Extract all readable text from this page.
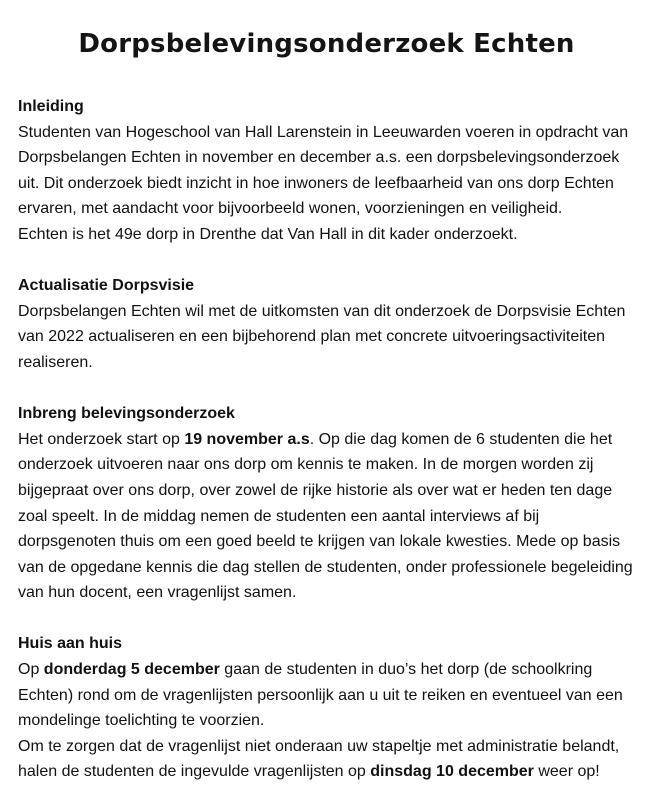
Dorpsbelevingsonderzoek Echten
Inleiding
Studenten van Hogeschool van Hall Larenstein in Leeuwarden voeren in opdracht van Dorpsbelangen Echten in november en december a.s. een dorpsbelevingsonderzoek uit. Dit onderzoek biedt inzicht in hoe inwoners de leefbaarheid van ons dorp Echten ervaren, met aandacht voor bijvoorbeeld wonen, voorzieningen en veiligheid.
Echten is het 49e dorp in Drenthe dat Van Hall in dit kader onderzoekt.
Actualisatie Dorpsvisie
Dorpsbelangen Echten wil met de uitkomsten van dit onderzoek de Dorpsvisie Echten van 2022 actualiseren en een bijbehorend plan met concrete uitvoeringsactiviteiten realiseren.
Inbreng belevingsonderzoek
Het onderzoek start op 19 november a.s. Op die dag komen de 6 studenten die het onderzoek uitvoeren naar ons dorp om kennis te maken. In de morgen worden zij bijgepraat over ons dorp, over zowel de rijke historie als over wat er heden ten dage zoal speelt. In de middag nemen de studenten een aantal interviews af bij dorpsgenoten thuis om een goed beeld te krijgen van lokale kwesties. Mede op basis van de opgedane kennis die dag stellen de studenten, onder professionele begeleiding van hun docent, een vragenlijst samen.
Huis aan huis
Op donderdag 5 december gaan de studenten in duo’s het dorp (de schoolkring Echten) rond om de vragenlijsten persoonlijk aan u uit te reiken en eventueel van een mondelinge toelichting te voorzien.
Om te zorgen dat de vragenlijst niet onderaan uw stapeltje met administratie belandt, halen de studenten de ingevulde vragenlijsten op dinsdag 10 december weer op!
